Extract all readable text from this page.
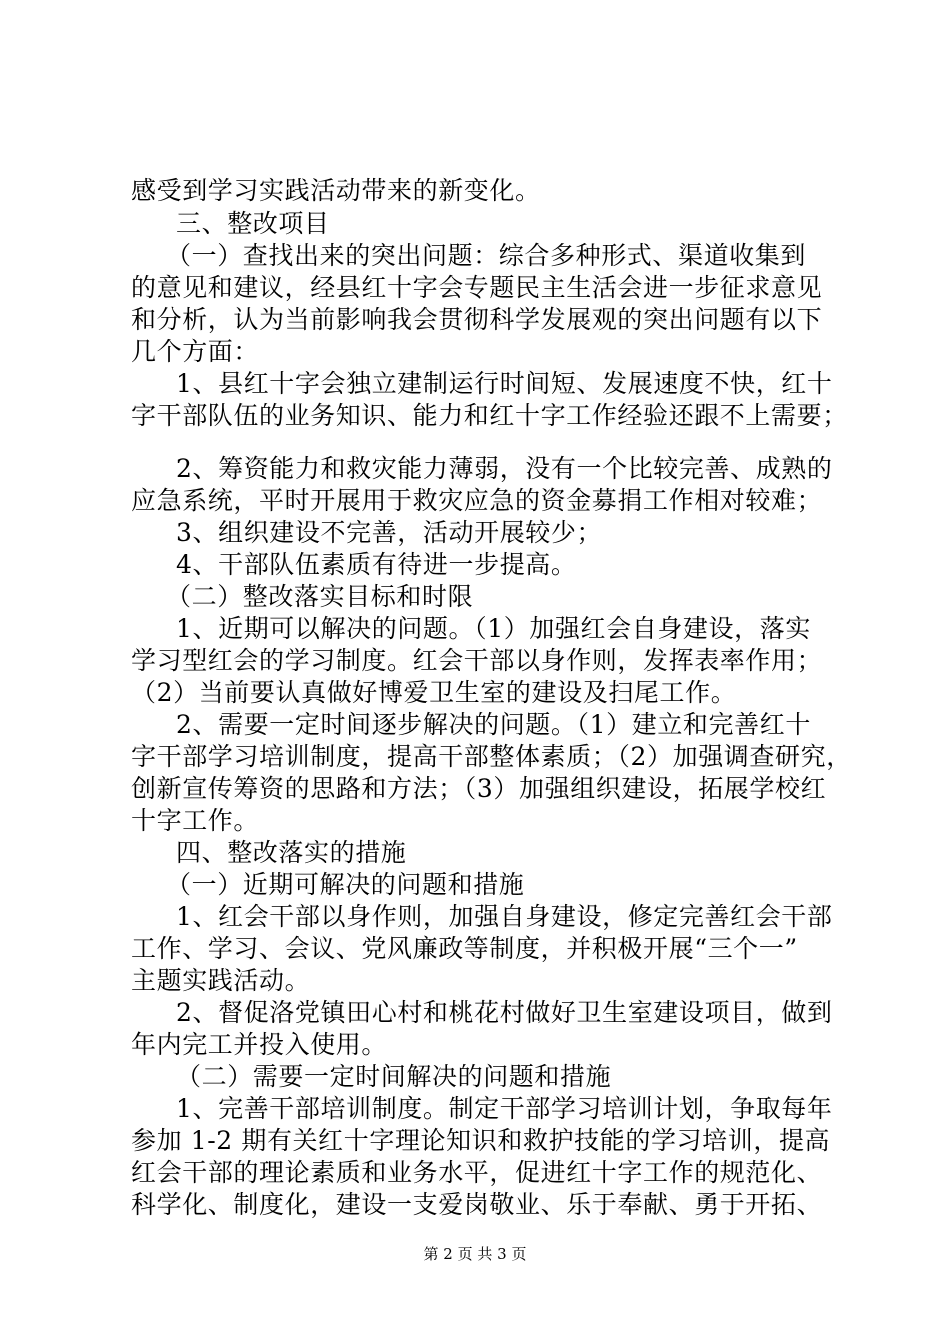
感受到学习实践活动带来的新变化。
三、整改项目
（一）查找出来的突出问题：综合多种形式、渠道收集到
的意见和建议，经县红十字会专题民主生活会进一步征求意见
和分析，认为当前影响我会贯彻科学发展观的突出问题有以下
几个方面：
1、县红十字会独立建制运行时间短、发展速度不快，红十
字干部队伍的业务知识、能力和红十字工作经验还跟不上需要；
2、筹资能力和救灾能力薄弱，没有一个比较完善、成熟的
应急系统，平时开展用于救灾应急的资金募捐工作相对较难；
3、组织建设不完善，活动开展较少；
4、干部队伍素质有待进一步提高。
（二）整改落实目标和时限
1、近期可以解决的问题。（1）加强红会自身建设，落实
学习型红会的学习制度。红会干部以身作则，发挥表率作用；
（2）当前要认真做好博爱卫生室的建设及扫尾工作。
2、需要一定时间逐步解决的问题。（1）建立和完善红十
字干部学习培训制度，提高干部整体素质；（2）加强调查研究，
创新宣传筹资的思路和方法；（3）加强组织建设，拓展学校红
十字工作。
四、整改落实的措施
（一）近期可解决的问题和措施
1、红会干部以身作则，加强自身建设，修定完善红会干部
工作、学习、会议、党风廉政等制度，并积极开展“三个一”
主题实践活动。
2、督促洛党镇田心村和桃花村做好卫生室建设项目，做到
年内完工并投入使用。
（二）需要一定时间解决的问题和措施
1、完善干部培训制度。制定干部学习培训计划，争取每年
参加 1-2 期有关红十字理论知识和救护技能的学习培训，提高
红会干部的理论素质和业务水平，促进红十字工作的规范化、
科学化、制度化，建设一支爱岗敬业、乐于奉献、勇于开拓、
第 2 页 共 3 页
